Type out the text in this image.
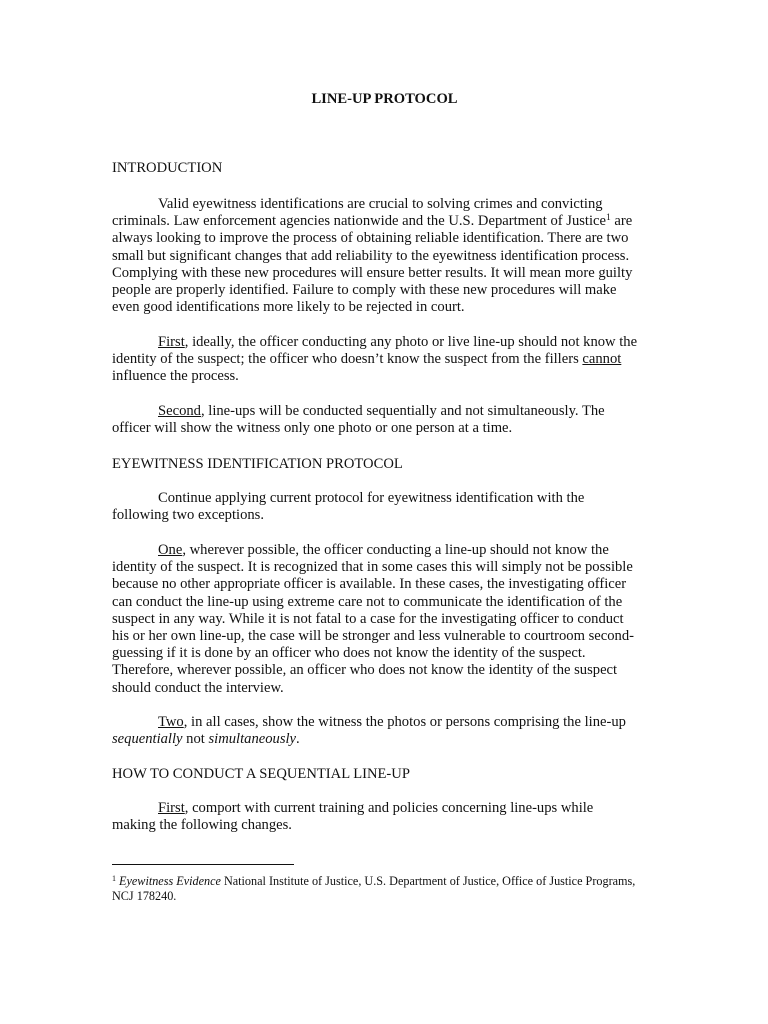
LINE-UP PROTOCOL
INTRODUCTION
Valid eyewitness identifications are crucial to solving crimes and convicting
criminals. Law enforcement agencies nationwide and the U.S. Department of Justice$^1$ are
always looking to improve the process of obtaining reliable identification. There are two
small but significant changes that add reliability to the eyewitness identification process.
Complying with these new procedures will ensure better results. It will mean more guilty
people are properly identified. Failure to comply with these new procedures will make
even good identifications more likely to be rejected in court.
First, ideally, the officer conducting any photo or live line-up should not know the
identity of the suspect; the officer who doesn’t know the suspect from the fillers cannot
influence the process.
Second, line-ups will be conducted sequentially and not simultaneously. The
officer will show the witness only one photo or one person at a time.
EYEWITNESS IDENTIFICATION PROTOCOL
Continue applying current protocol for eyewitness identification with the
following two exceptions.
One, wherever possible, the officer conducting a line-up should not know the
identity of the suspect. It is recognized that in some cases this will simply not be possible
because no other appropriate officer is available. In these cases, the investigating officer
can conduct the line-up using extreme care not to communicate the identification of the
suspect in any way. While it is not fatal to a case for the investigating officer to conduct
his or her own line-up, the case will be stronger and less vulnerable to courtroom second-
guessing if it is done by an officer who does not know the identity of the suspect.
Therefore, wherever possible, an officer who does not know the identity of the suspect
should conduct the interview.
Two, in all cases, show the witness the photos or persons comprising the line-up
sequentially not simultaneously.
HOW TO CONDUCT A SEQUENTIAL LINE-UP
First, comport with current training and policies concerning line-ups while
making the following changes.
$^1$ Eyewitness Evidence National Institute of Justice, U.S. Department of Justice, Office of Justice Programs,
NCJ 178240.
